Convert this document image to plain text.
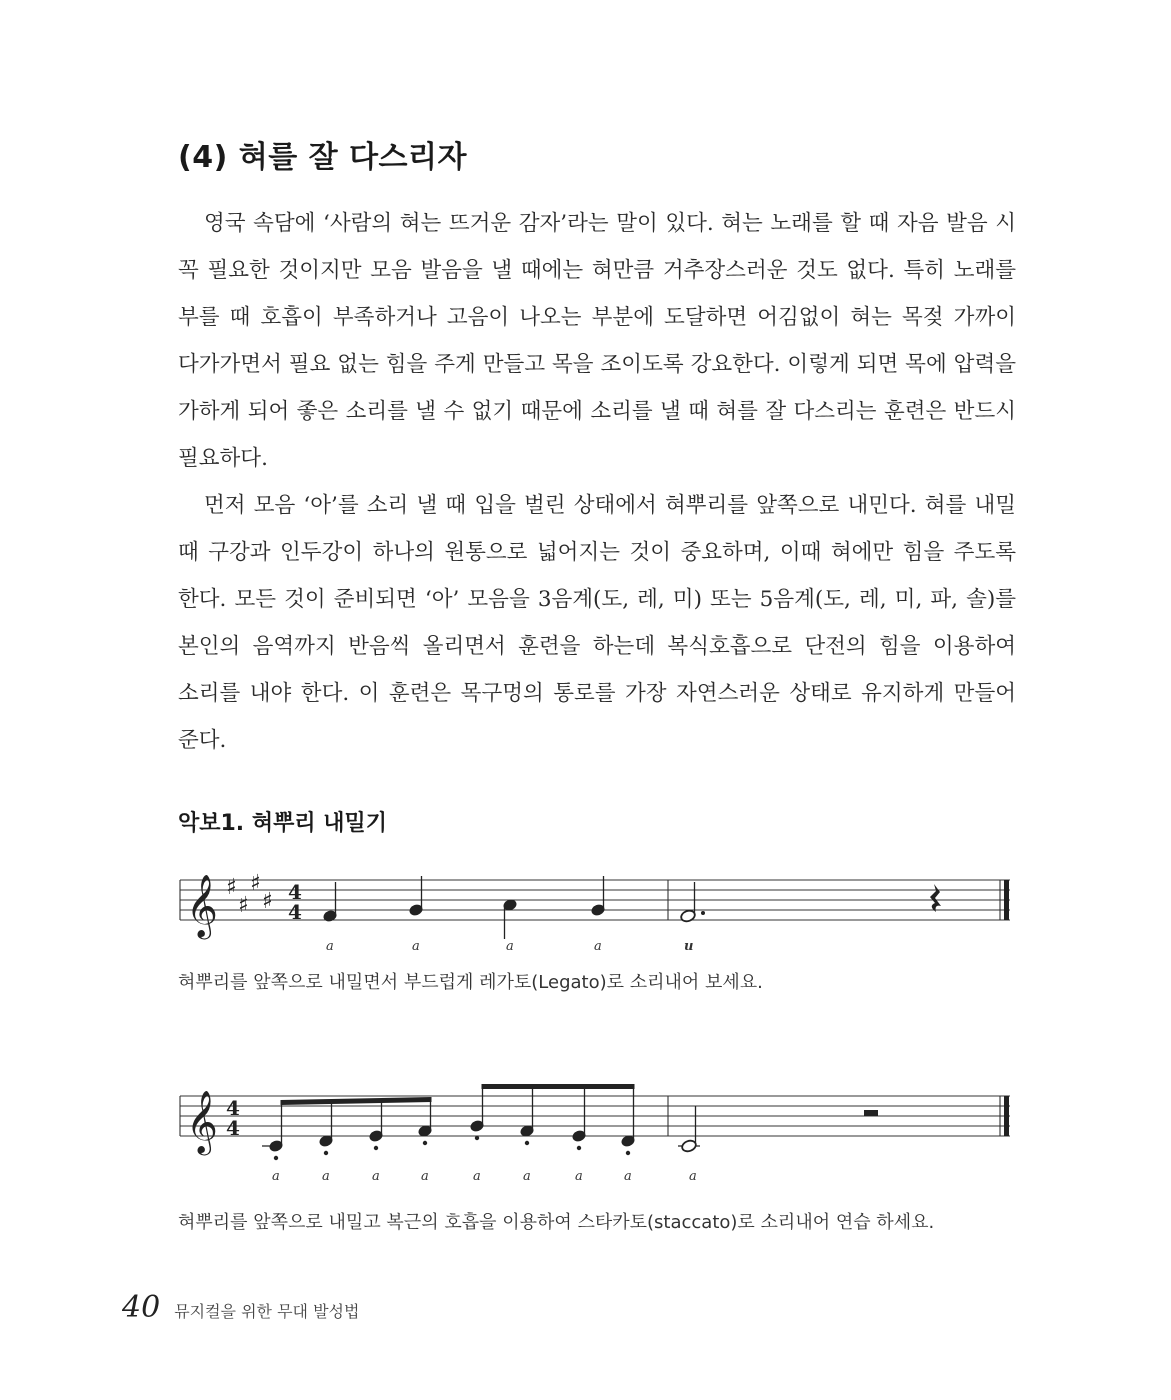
(4) 혀를 잘 다스리자

영국 속담에 ‘사람의 혀는 뜨거운 감자’라는 말이 있다. 혀는 노래를 할 때 자음 발음 시 꼭 필요한 것이지만 모음 발음을 낼 때에는 혀만큼 거추장스러운 것도 없다. 특히 노래를 부를 때 호흡이 부족하거나 고음이 나오는 부분에 도달하면 어김없이 혀는 목젖 가까이 다가가면서 필요 없는 힘을 주게 만들고 목을 조이도록 강요한다. 이렇게 되면 목에 압력을 가하게 되어 좋은 소리를 낼 수 없기 때문에 소리를 낼 때 혀를 잘 다스리는 훈련은 반드시 필요하다.

먼저 모음 ‘아’를 소리 낼 때 입을 벌린 상태에서 혀뿌리를 앞쪽으로 내민다. 혀를 내밀 때 구강과 인두강이 하나의 원통으로 넓어지는 것이 중요하며, 이때 혀에만 힘을 주도록 한다. 모든 것이 준비되면 ‘아’ 모음을 3음계(도, 레, 미) 또는 5음계(도, 레, 미, 파, 솔)를 본인의 음역까지 반음씩 올리면서 훈련을 하는데 복식호흡으로 단전의 힘을 이용하여 소리를 내야 한다. 이 훈련은 목구멍의 통로를 가장 자연스러운 상태로 유지하게 만들어 준다.

악보1. 혀뿌리 내밀기
𝄞 ♯
♯
♯
♯ 4
4
a	a	a	a	u
혀뿌리를 앞쪽으로 내밀면서 부드럽게 레가토(Legato)로 소리내어 보세요.
𝄞 4
4
a	a	a	a	a	a	a	a	a
혀뿌리를 앞쪽으로 내밀고 복근의 호흡을 이용하여 스타카토(staccato)로 소리내어 연습 하세요.
40 뮤지컬을 위한 무대 발성법
